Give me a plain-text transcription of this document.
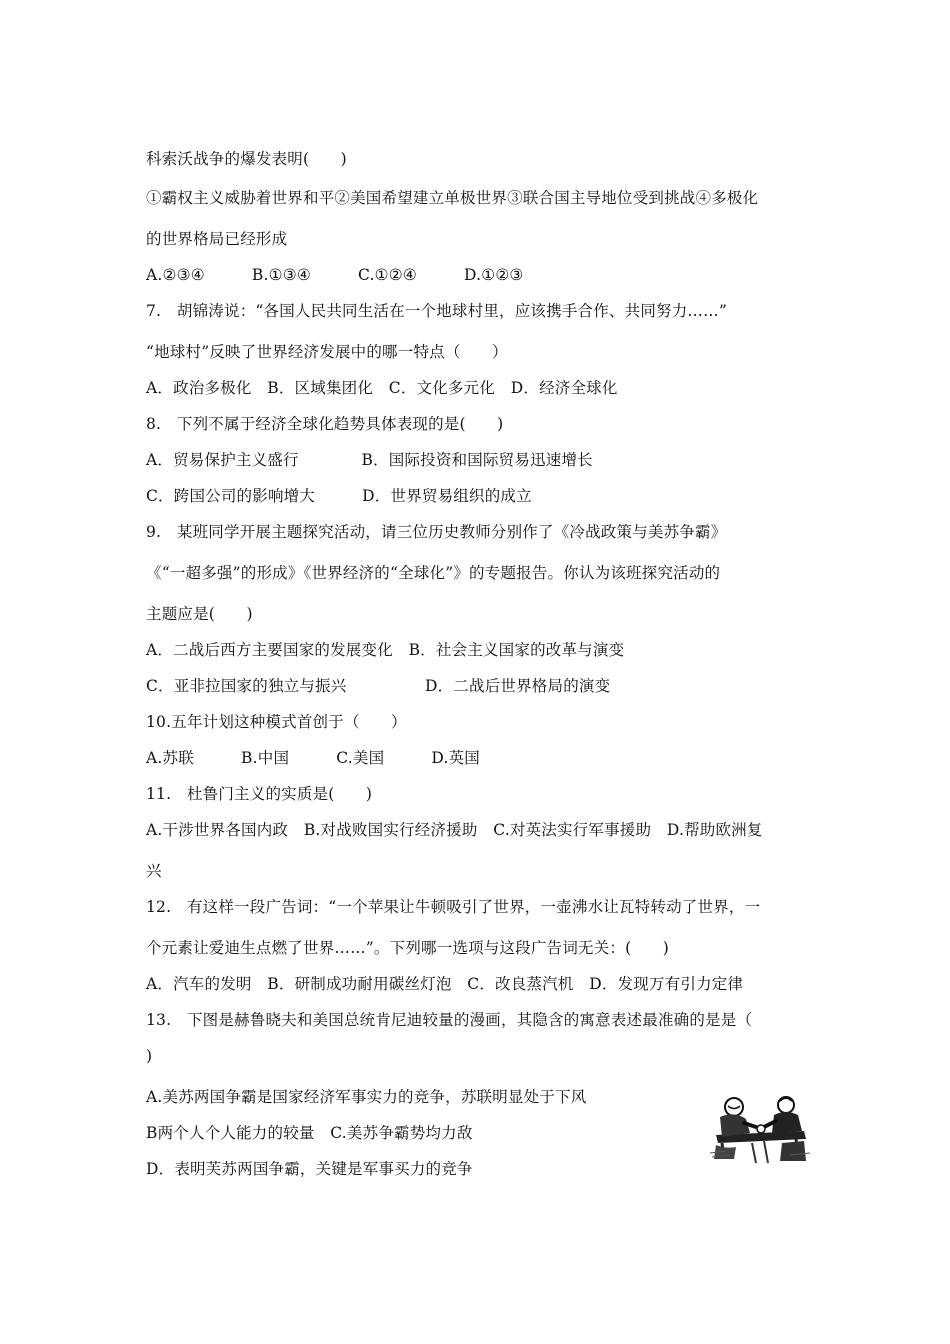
科索沃战争的爆发表明(　　)
①霸权主义威胁着世界和平②美国希望建立单极世界③联合国主导地位受到挑战④多极化
的世界格局已经形成
A.②③④　　　B.①③④　　　C.①②④　　　D.①②③
7.　胡锦涛说：“各国人民共同生活在一个地球村里，应该携手合作、共同努力……”
“地球村”反映了世界经济发展中的哪一特点（　　）
A．政治多极化　B．区域集团化　C．文化多元化　D．经济全球化
8.　下列不属于经济全球化趋势具体表现的是(　　)
A．贸易保护主义盛行　　　　B．国际投资和国际贸易迅速增长
C．跨国公司的影响增大　　　D．世界贸易组织的成立
9.　某班同学开展主题探究活动，请三位历史教师分别作了《冷战政策与美苏争霸》
《“一超多强”的形成》《世界经济的“全球化”》的专题报告。你认为该班探究活动的
主题应是(　　)
A．二战后西方主要国家的发展变化　B．社会主义国家的改革与演变
C．亚非拉国家的独立与振兴　　　　　D．二战后世界格局的演变
10.五年计划这种模式首创于（　　）
A.苏联　　　B.中国　　　C.美国　　　D.英国
11.　杜鲁门主义的实质是(　　)
A.干涉世界各国内政　B.对战败国实行经济援助　C.对英法实行军事援助　D.帮助欧洲复
兴
12.　有这样一段广告词：“一个苹果让牛顿吸引了世界，一壶沸水让瓦特转动了世界，一
个元素让爱迪生点燃了世界……”。下列哪一选项与这段广告词无关：(　　)
A．汽车的发明　B．研制成功耐用碳丝灯泡　C．改良蒸汽机　D．发现万有引力定律
13.　下图是赫鲁晓夫和美国总统肯尼迪较量的漫画，其隐含的寓意表述最准确的是是（
)
A.美苏两国争霸是国家经济军事实力的竞争，苏联明显处于下风
B两个人个人能力的较量　C.美苏争霸势均力敌
D．表明芙苏两国争霸，关键是军事买力的竞争
